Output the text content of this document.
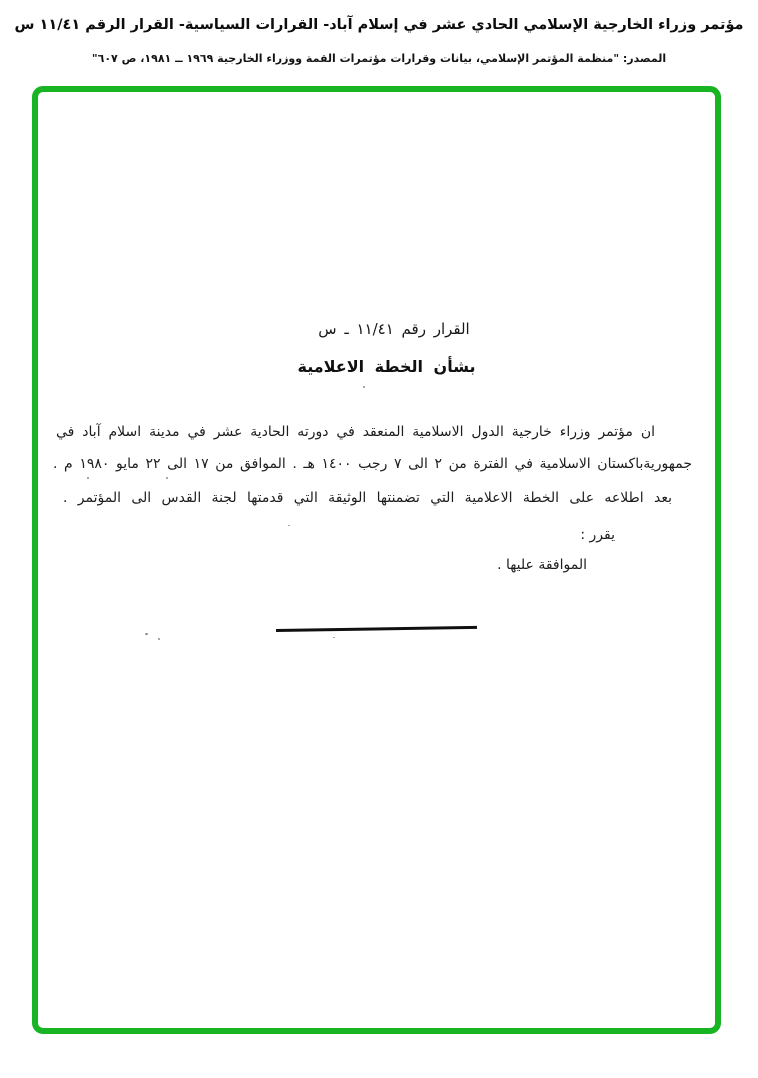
مؤتمر وزراء الخارجية الإسلامي الحادي عشر في إسلام آباد- القرارات السياسية- القرار الرقم ١١/٤١ س
المصدر: "منظمة المؤتمر الإسلامي، بيانات وقرارات مؤتمرات القمة ووزراء الخارجية ‪١٩٦٩ ــ ١٩٨١‬، ص ٦٠٧"
القرار رقم ١١/٤١ ـ س
بشأن الخطة الاعلامية
ان مؤتمر وزراء خارجية الدول الاسلامية المنعقد في دورته الحادية عشر في مدينة اسلام آباد في
جمهوريةباكستان الاسلامية في الفترة من ٢ الى ٧ رجب ١٤٠٠ هـ . الموافق من ١٧ الى ٢٢ مايو ١٩٨٠ م .
بعد اطلاعه على الخطة الاعلامية التي تضمنتها الوثيقة التي قدمتها لجنة القدس الى المؤتمر .
يقرر :
الموافقة عليها .
